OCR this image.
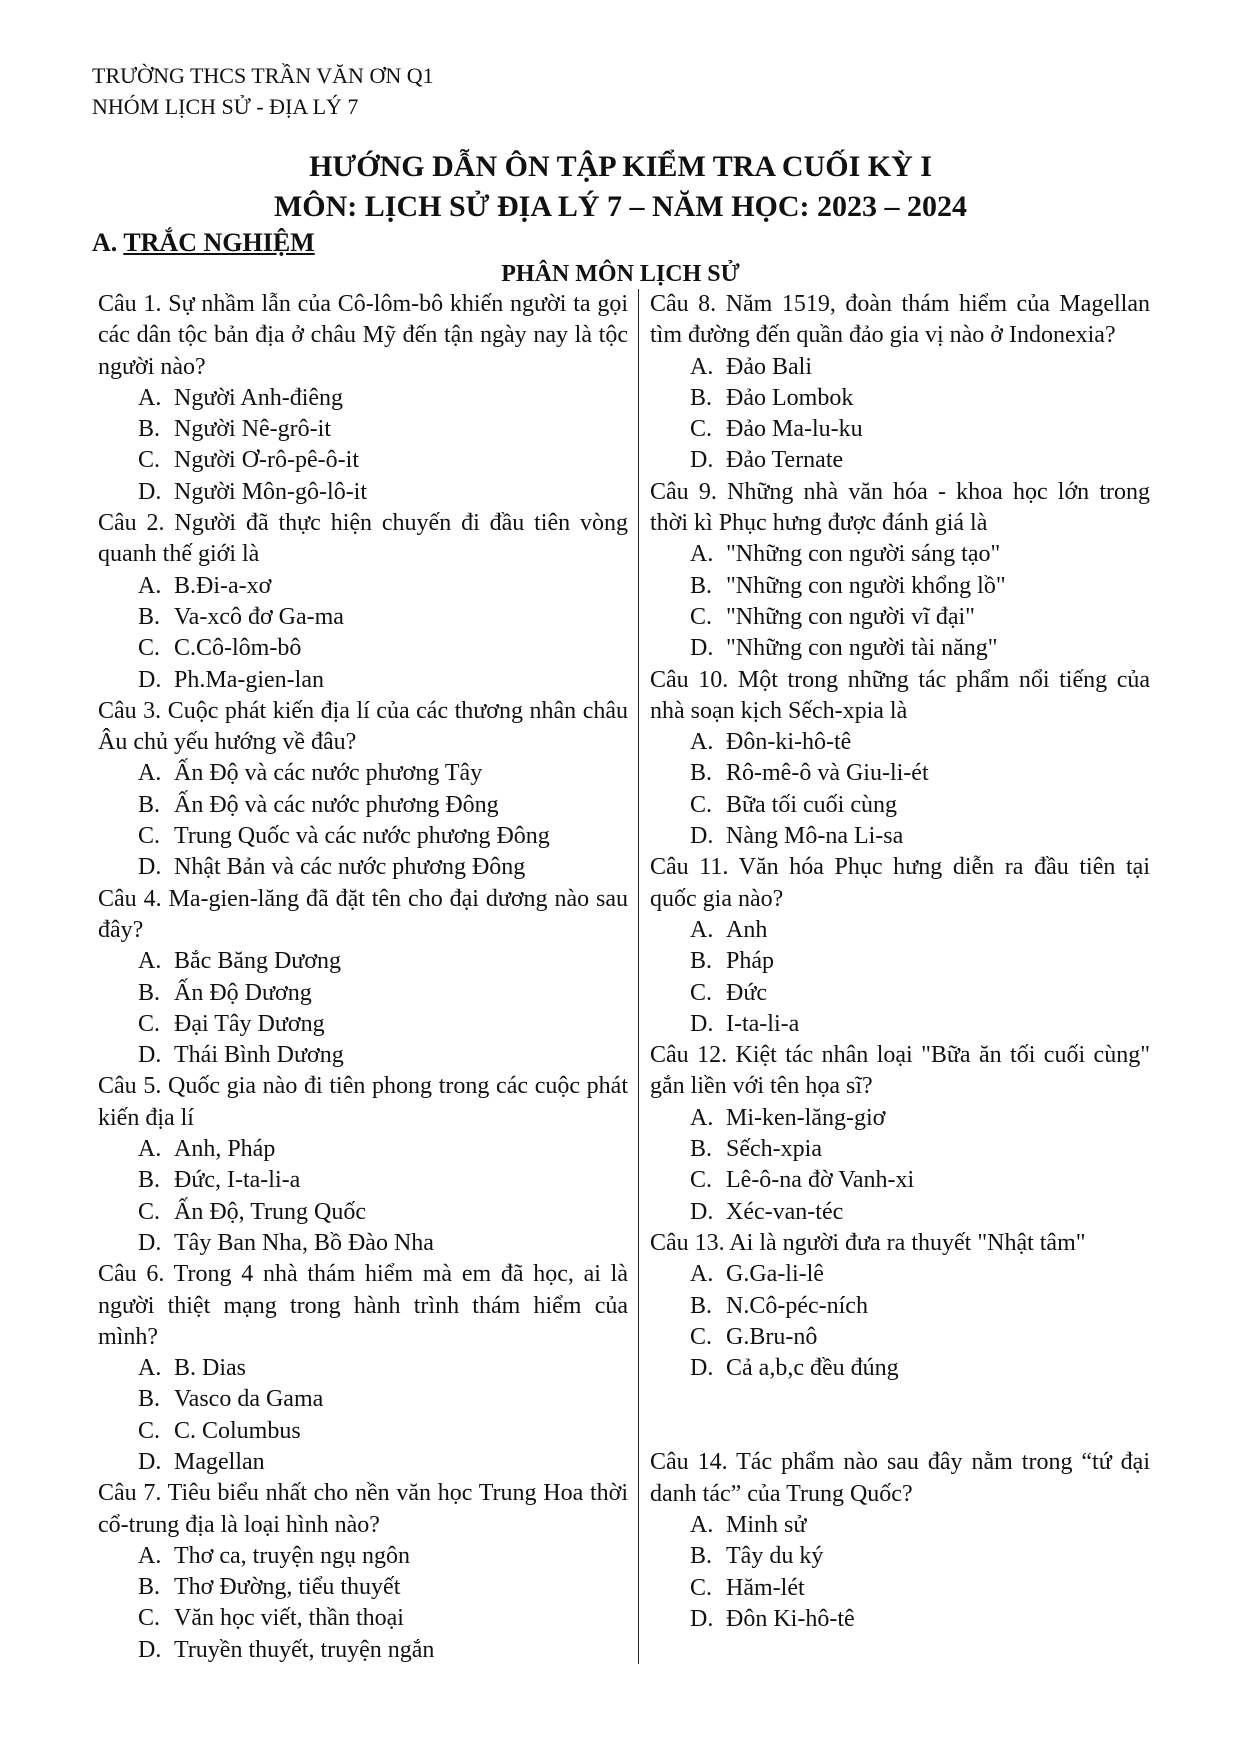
TRƯỜNG THCS TRẦN VĂN ƠN Q1
NHÓM LỊCH SỬ - ĐỊA LÝ 7
HƯỚNG DẪN ÔN TẬP KIỂM TRA CUỐI KỲ I
MÔN: LỊCH SỬ ĐỊA LÝ 7 – NĂM HỌC: 2023 – 2024
A. TRẮC NGHIỆM
PHÂN MÔN LỊCH SỬ
Câu 1. Sự nhầm lẫn của Cô-lôm-bô khiến người ta gọi các dân tộc bản địa ở châu Mỹ đến tận ngày nay là tộc người nào?
A. Người Anh-điêng
B. Người Nê-grô-it
C. Người Ơ-rô-pê-ô-it
D. Người Môn-gô-lô-it
Câu 2. Người đã thực hiện chuyến đi đầu tiên vòng quanh thế giới là
A. B.Đi-a-xơ
B. Va-xcô đơ Ga-ma
C. C.Cô-lôm-bô
D. Ph.Ma-gien-lan
Câu 3. Cuộc phát kiến địa lí của các thương nhân châu Âu chủ yếu hướng về đâu?
A. Ấn Độ và các nước phương Tây
B. Ấn Độ và các nước phương Đông
C. Trung Quốc và các nước phương Đông
D. Nhật Bản và các nước phương Đông
Câu 4. Ma-gien-lăng đã đặt tên cho đại dương nào sau đây?
A. Bắc Băng Dương
B. Ấn Độ Dương
C. Đại Tây Dương
D. Thái Bình Dương
Câu 5. Quốc gia nào đi tiên phong trong các cuộc phát kiến địa lí
A. Anh, Pháp
B. Đức, I-ta-li-a
C. Ấn Độ, Trung Quốc
D. Tây Ban Nha, Bồ Đào Nha
Câu 6. Trong 4 nhà thám hiểm mà em đã học, ai là người thiệt mạng trong hành trình thám hiểm của mình?
A. B. Dias
B. Vasco da Gama
C. C. Columbus
D. Magellan
Câu 7. Tiêu biểu nhất cho nền văn học Trung Hoa thời cổ-trung địa là loại hình nào?
A. Thơ ca, truyện ngụ ngôn
B. Thơ Đường, tiểu thuyết
C. Văn học viết, thần thoại
D. Truyền thuyết, truyện ngắn
Câu 8. Năm 1519, đoàn thám hiểm của Magellan tìm đường đến quần đảo gia vị nào ở Indonexia?
A. Đảo Bali
B. Đảo Lombok
C. Đảo Ma-lu-ku
D. Đảo Ternate
Câu 9. Những nhà văn hóa - khoa học lớn trong thời kì Phục hưng được đánh giá là
A. "Những con người sáng tạo"
B. "Những con người khổng lồ"
C. "Những con người vĩ đại"
D. "Những con người tài năng"
Câu 10. Một trong những tác phẩm nổi tiếng của nhà soạn kịch Sếch-xpia là
A. Đôn-ki-hô-tê
B. Rô-mê-ô và Giu-li-ét
C. Bữa tối cuối cùng
D. Nàng Mô-na Li-sa
Câu 11. Văn hóa Phục hưng diễn ra đầu tiên tại quốc gia nào?
A. Anh
B. Pháp
C. Đức
D. I-ta-li-a
Câu 12. Kiệt tác nhân loại "Bữa ăn tối cuối cùng" gắn liền với tên họa sĩ?
A. Mi-ken-lăng-giơ
B. Sếch-xpia
C. Lê-ô-na đờ Vanh-xi
D. Xéc-van-téc
Câu 13. Ai là người đưa ra thuyết "Nhật tâm"
A. G.Ga-li-lê
B. N.Cô-péc-ních
C. G.Bru-nô
D. Cả a,b,c đều đúng
Câu 14. Tác phẩm nào sau đây nằm trong “tứ đại danh tác” của Trung Quốc?
A. Minh sử
B. Tây du ký
C. Hăm-lét
D. Đôn Ki-hô-tê
